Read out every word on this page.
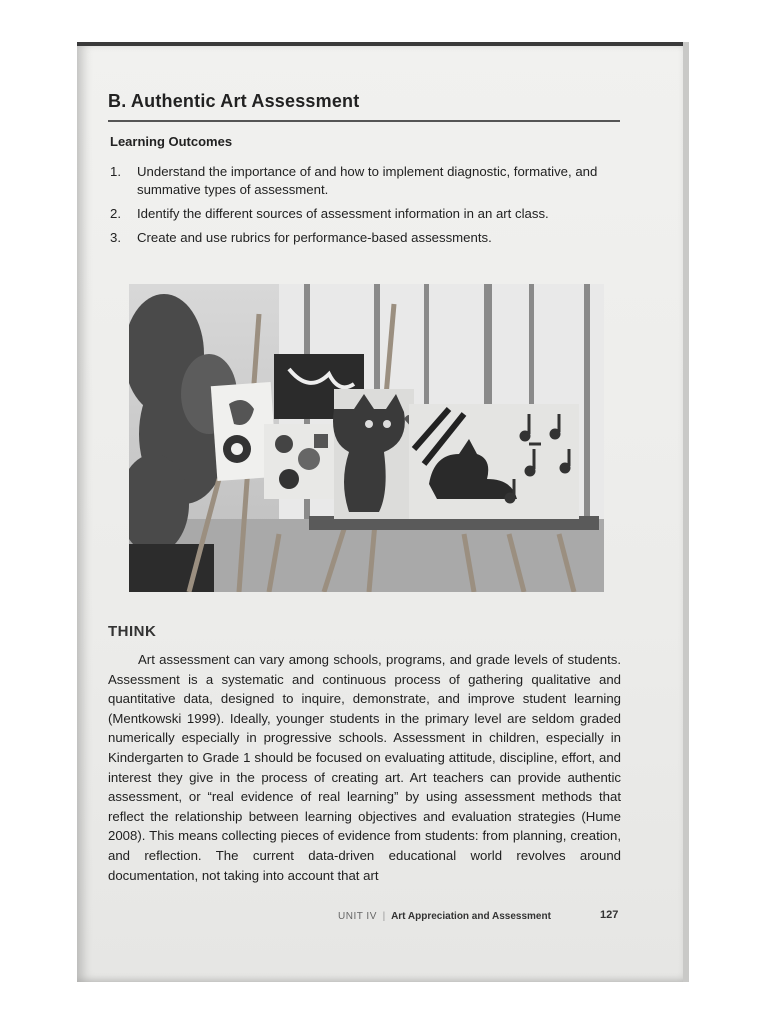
B. Authentic Art Assessment
Learning Outcomes
1. Understand the importance of and how to implement diagnostic, formative, and summative types of assessment.
2. Identify the different sources of assessment information in an art class.
3. Create and use rubrics for performance-based assessments.
THINK

Art assessment can vary among schools, programs, and grade levels of students. Assessment is a systematic and continuous process of gathering qualitative and quantitative data, designed to inquire, demonstrate, and improve student learning (Mentkowski 1999). Ideally, younger students in the primary level are seldom graded numerically especially in progressive schools. Assessment in children, especially in Kindergarten to Grade 1 should be focused on evaluating attitude, discipline, effort, and interest they give in the process of creating art. Art teachers can provide authentic assessment, or “real evidence of real learning” by using assessment methods that reflect the relationship between learning objectives and evaluation strategies (Hume 2008). This means collecting pieces of evidence from students: from planning, creation, and reflection. The current data-driven educational world revolves around documentation, not taking into account that art

UNIT IV | Art Appreciation and Assessment	127
